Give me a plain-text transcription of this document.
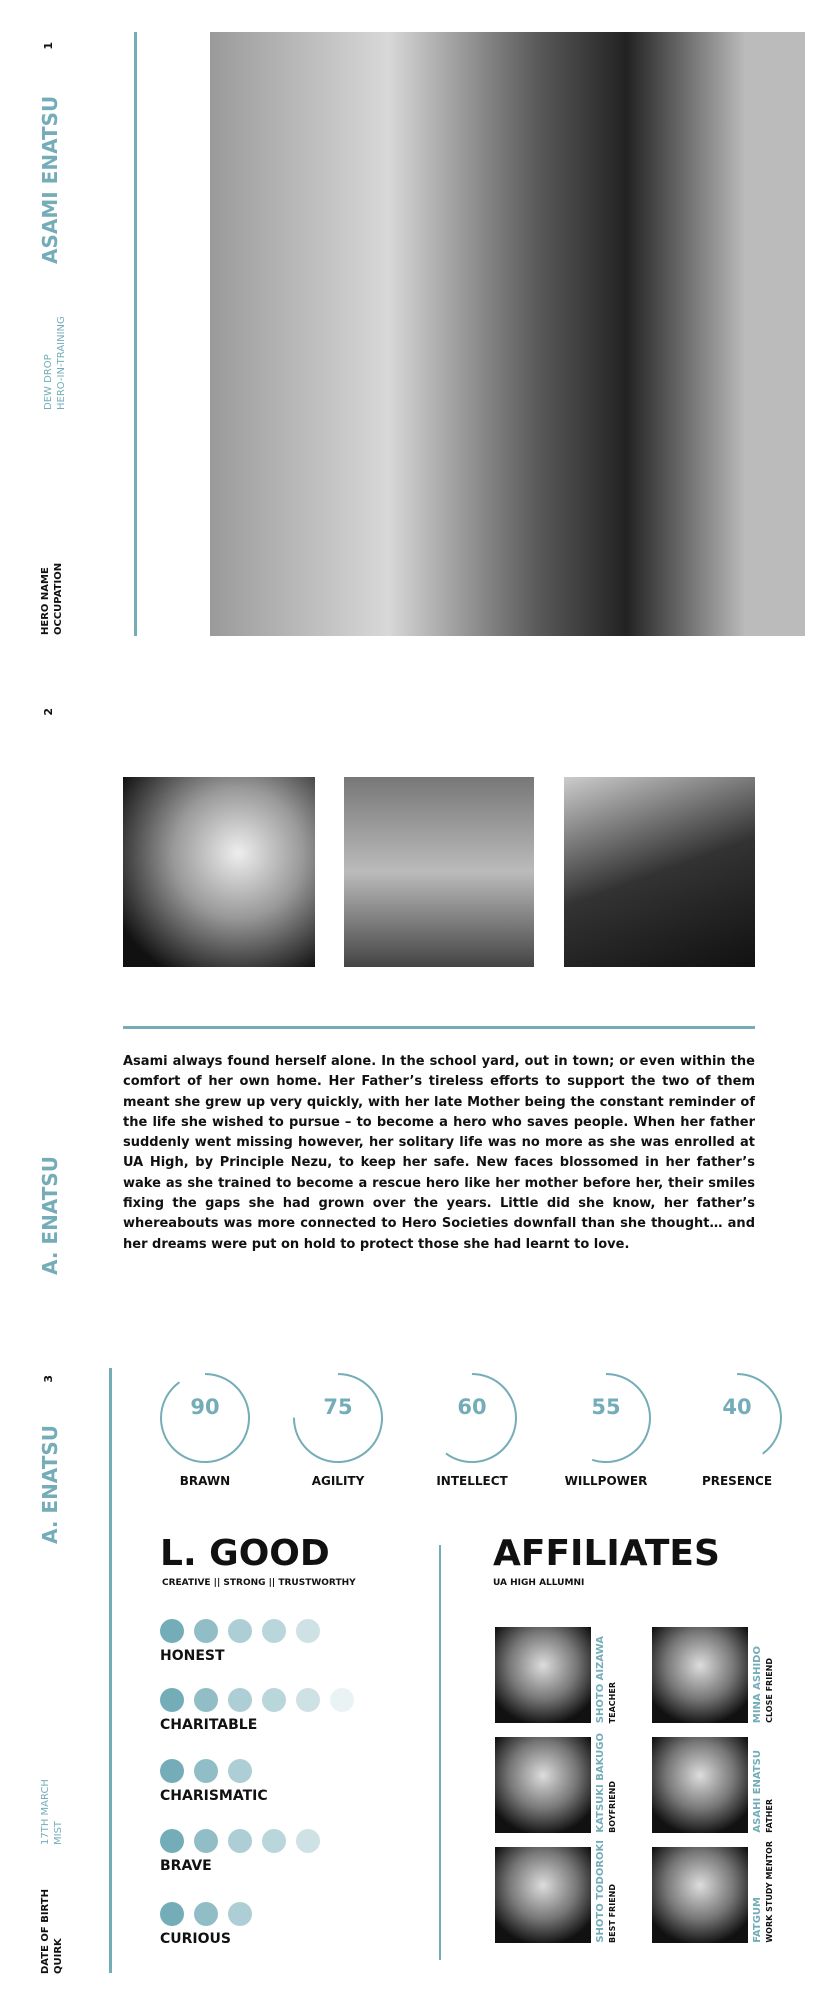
1
ASAMI ENATSU
DEW DROP HERO-IN-TRAINING
HERO NAME OCCUPATION
2
Asami always found herself alone. In the school yard, out in town; or even within the comfort of her own home. Her Father’s tireless efforts to support the two of them meant she grew up very quickly, with her late Mother being the constant reminder of the life she wished to pursue – to become a hero who saves people. When her father suddenly went missing however, her solitary life was no more as she was enrolled at UA High, by Principle Nezu, to keep her safe. New faces blossomed in her father’s wake as she trained to become a rescue hero like her mother before her, their smiles fixing the gaps she had grown over the years. Little did she know, her father’s whereabouts was more connected to Hero Societies downfall than she thought… and her dreams were put on hold to protect those she had learnt to love.
A. ENATSU
3
A. ENATSU
17TH MARCH MIST
DATE OF BIRTH QUIRK
90
BRAWN
75
AGILITY
60
INTELLECT
55
WILLPOWER
40
PRESENCE
L. GOOD
CREATIVE || STRONG || TRUSTWORTHY
HONEST
CHARITABLE
CHARISMATIC
BRAVE
CURIOUS
AFFILIATES
UA HIGH ALLUMNI
SHOTO AIZAWA TEACHER	MINA ASHIDO CLOSE FRIEND
KATSUKI BAKUGO BOYFRIEND	ASAHI ENATSU FATHER
SHOTO TODOROKI BEST FRIEND	FATGUM WORK STUDY MENTOR
